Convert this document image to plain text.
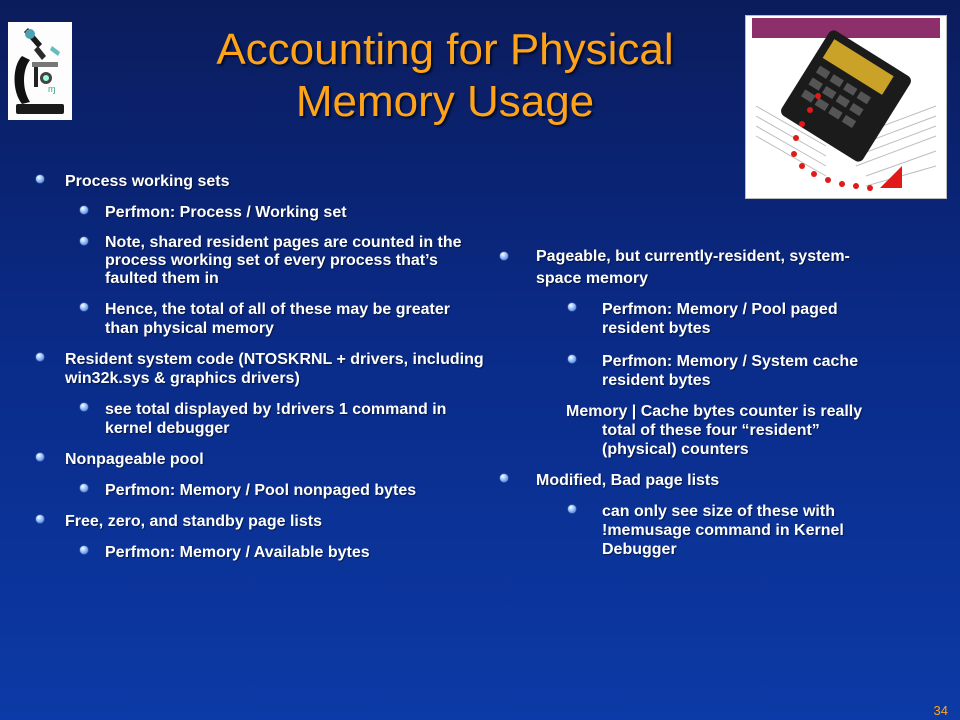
ɱ
Accounting for Physical
Memory Usage
Process working sets
Perfmon: Process / Working set
Note, shared resident pages are counted in the process working set of every process that’s faulted them in
Hence, the total of all of these may be greater than physical memory
Resident system code (NTOSKRNL + drivers, including win32k.sys & graphics drivers)
see total displayed by !drivers 1 command in kernel debugger
Nonpageable pool
Perfmon: Memory / Pool nonpaged bytes
Free, zero, and standby page lists
Perfmon: Memory / Available bytes
Pageable, but currently-resident, system-space memory
Perfmon: Memory / Pool paged resident bytes
Perfmon: Memory / System cache resident bytes
Memory | Cache bytes counter is really total of these four “resident” (physical) counters
Modified, Bad page lists
can only see size of these with !memusage command in Kernel Debugger
34
